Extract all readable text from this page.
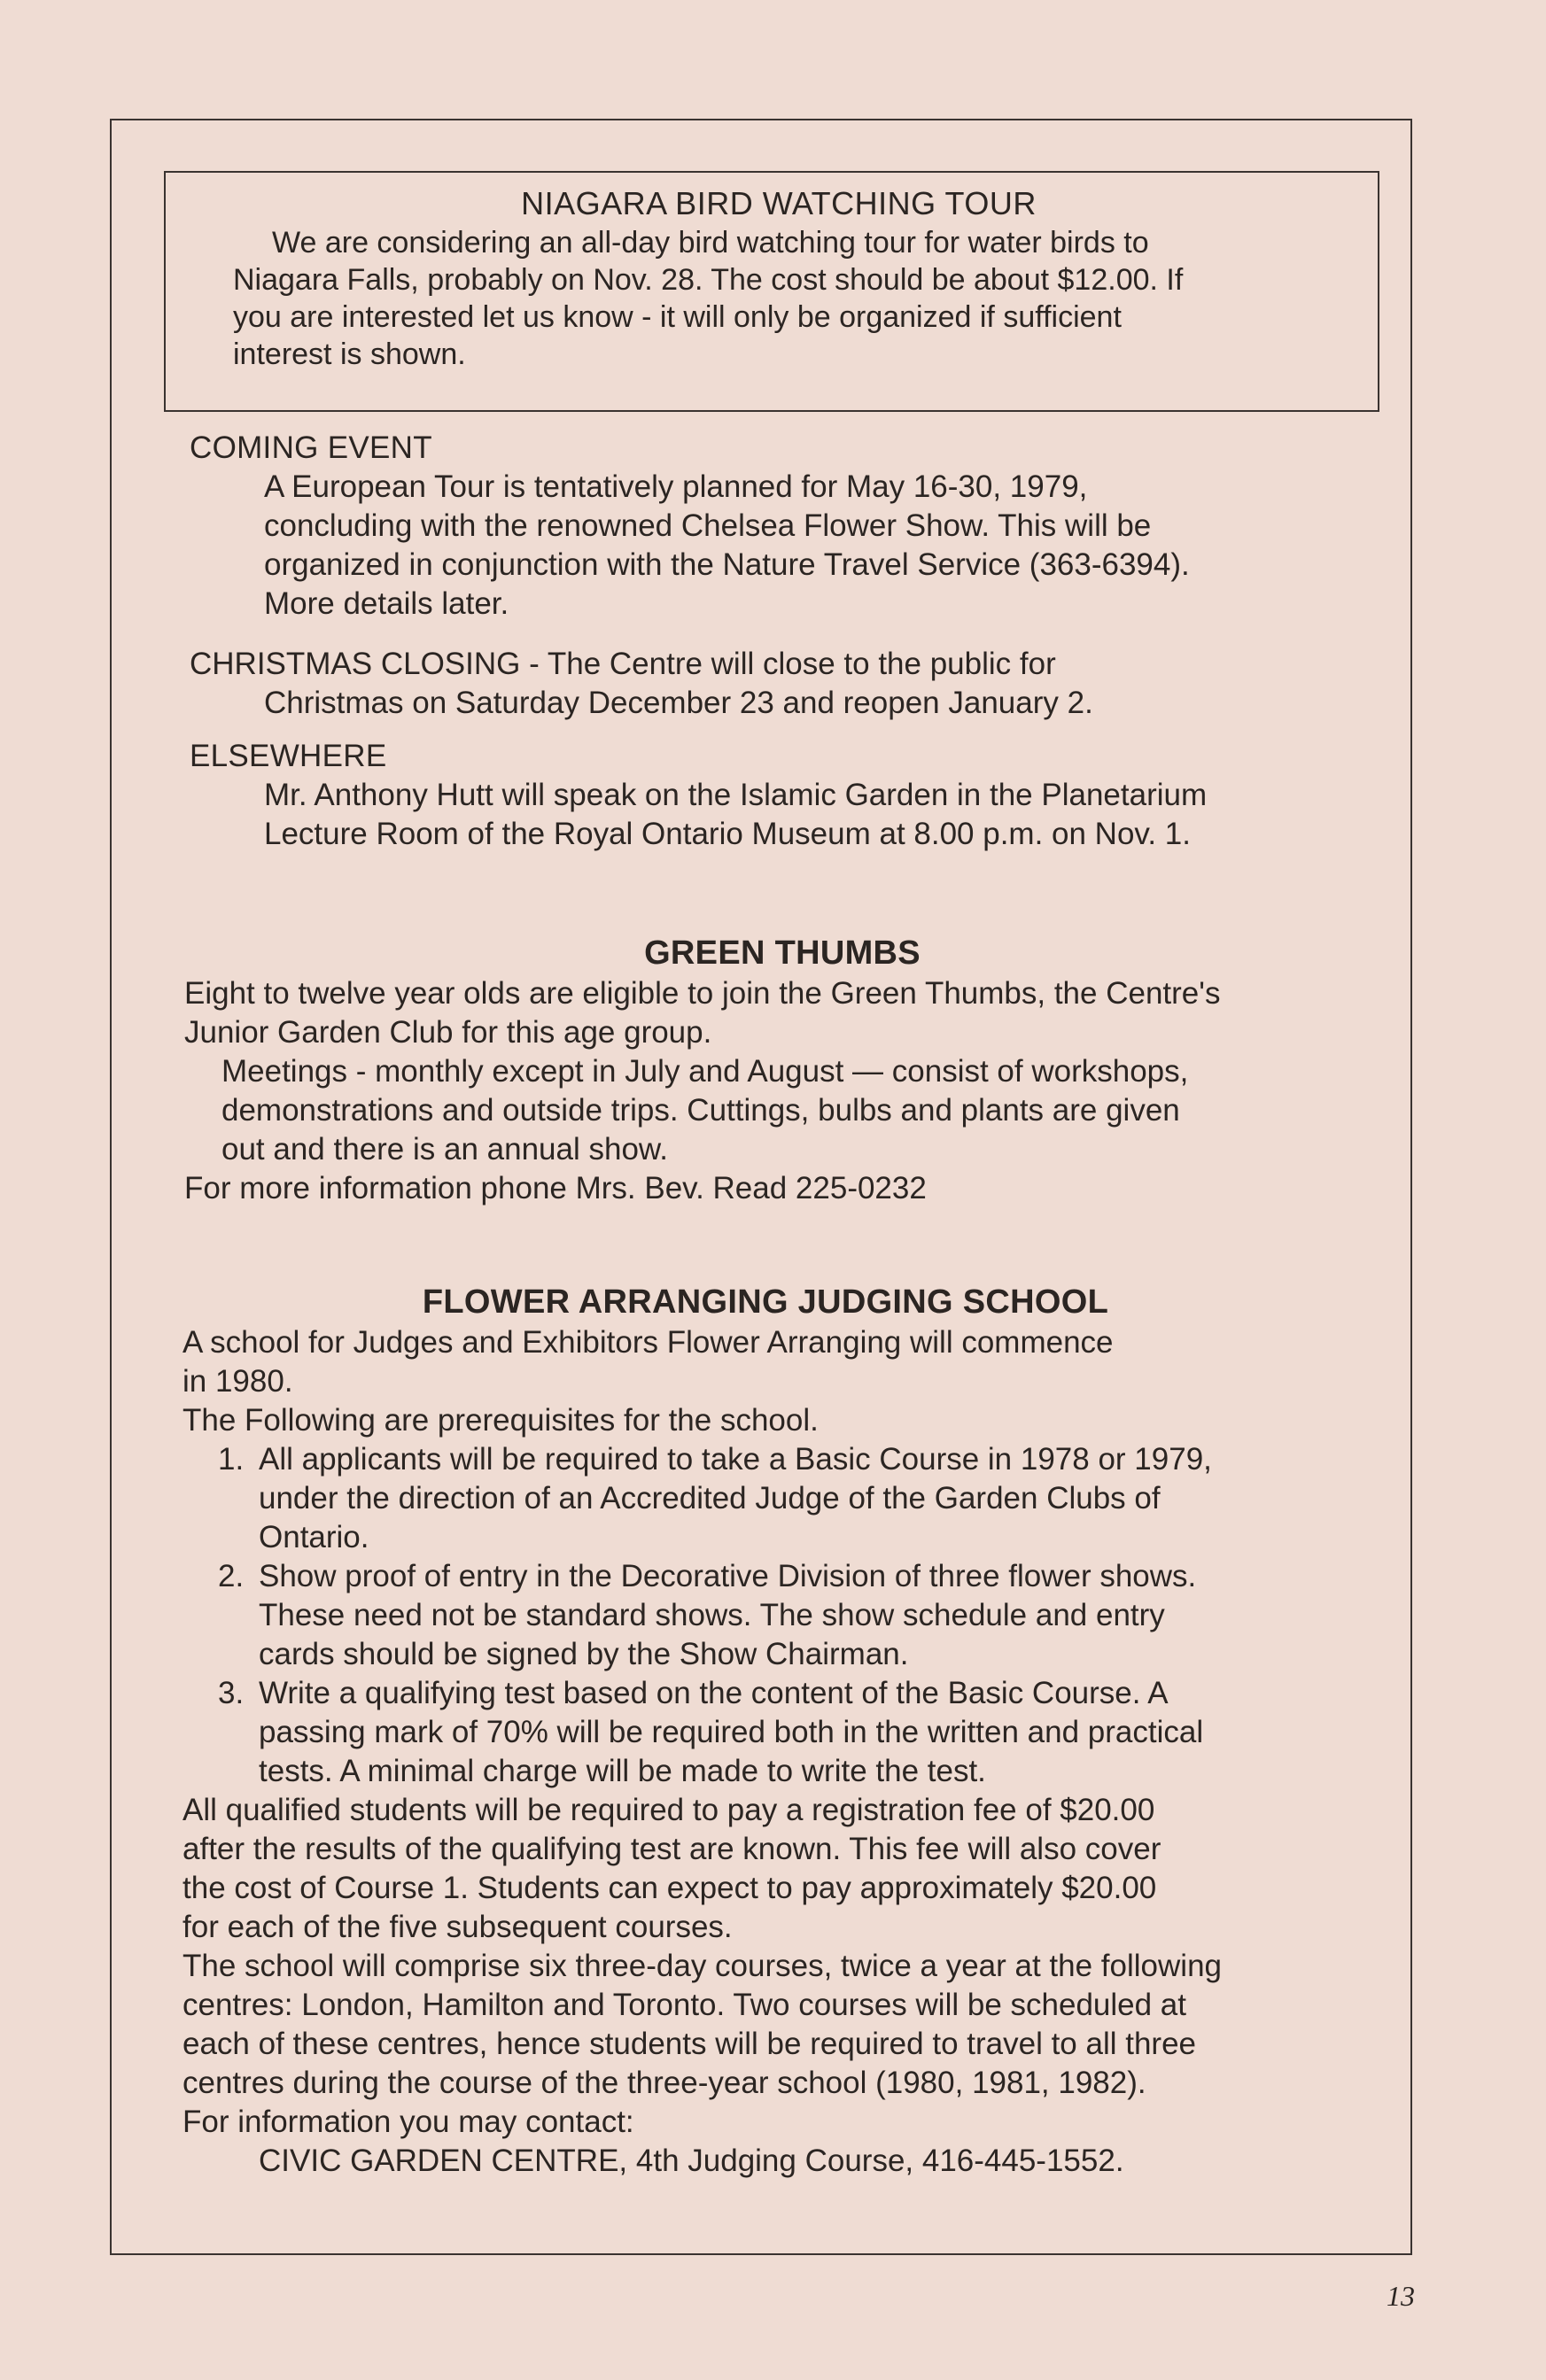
NIAGARA BIRD WATCHING TOUR

We are considering an all-day bird watching tour for water birds to

Niagara Falls, probably on Nov. 28. The cost should be about $12.00. If

you are interested let us know - it will only be organized if sufficient

interest is shown.

COMING EVENT

A European Tour is tentatively planned for May 16-30, 1979,

concluding with the renowned Chelsea Flower Show. This will be

organized in conjunction with the Nature Travel Service (363-6394).

More details later.

CHRISTMAS CLOSING - The Centre will close to the public for

Christmas on Saturday December 23 and reopen January 2.

ELSEWHERE

Mr. Anthony Hutt will speak on the Islamic Garden in the Planetarium

Lecture Room of the Royal Ontario Museum at 8.00 p.m. on Nov. 1.

GREEN THUMBS

Eight to twelve year olds are eligible to join the Green Thumbs, the Centre's

Junior Garden Club for this age group.

Meetings - monthly except in July and August — consist of workshops,

demonstrations and outside trips. Cuttings, bulbs and plants are given

out and there is an annual show.

For more information phone Mrs. Bev. Read 225-0232

FLOWER ARRANGING JUDGING SCHOOL

A school for Judges and Exhibitors Flower Arranging will commence

in 1980.

The Following are prerequisites for the school.

1. All applicants will be required to take a Basic Course in 1978 or 1979,

under the direction of an Accredited Judge of the Garden Clubs of

Ontario.

2. Show proof of entry in the Decorative Division of three flower shows.

These need not be standard shows. The show schedule and entry

cards should be signed by the Show Chairman.

3. Write a qualifying test based on the content of the Basic Course. A

passing mark of 70% will be required both in the written and practical

tests. A minimal charge will be made to write the test.

All qualified students will be required to pay a registration fee of $20.00

after the results of the qualifying test are known. This fee will also cover

the cost of Course 1. Students can expect to pay approximately $20.00

for each of the five subsequent courses.

The school will comprise six three-day courses, twice a year at the following

centres: London, Hamilton and Toronto. Two courses will be scheduled at

each of these centres, hence students will be required to travel to all three

centres during the course of the three-year school (1980, 1981, 1982).

For information you may contact:

CIVIC GARDEN CENTRE, 4th Judging Course, 416-445-1552.

13
